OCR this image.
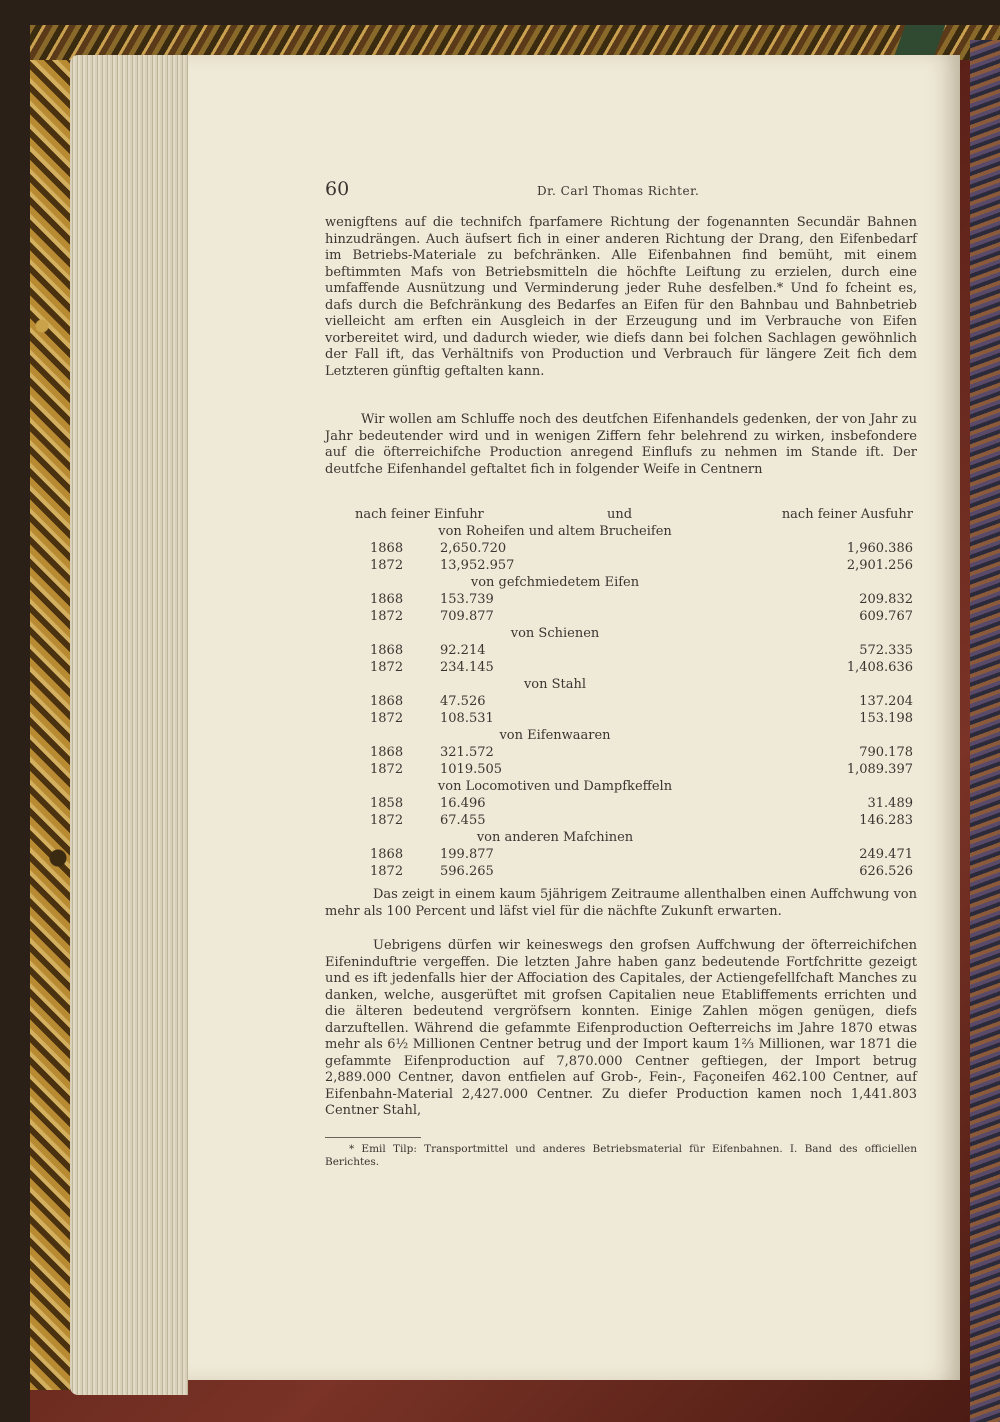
60	Dr. Carl Thomas Richter.

wenigftens auf die technifch fparfamere Richtung der fogenannten Secundär Bahnen hinzudrängen. Auch äufsert fich in einer anderen Richtung der Drang, den Eifenbedarf im Betriebs-Materiale zu befchränken. Alle Eifenbahnen find bemüht, mit einem beftimmten Mafs von Betriebsmitteln die höchfte Leiftung zu erzielen, durch eine umfaffende Ausnützung und Verminderung jeder Ruhe desfelben.* Und fo fcheint es, dafs durch die Befchränkung des Bedarfes an Eifen für den Bahnbau und Bahnbetrieb vielleicht am erften ein Ausgleich in der Erzeugung und im Verbrauche von Eifen vorbereitet wird, und dadurch wieder, wie diefs dann bei folchen Sachlagen gewöhnlich der Fall ift, das Verhältnifs von Production und Verbrauch für längere Zeit fich dem Letzteren günftig geftalten kann.

Wir wollen am Schluffe noch des deutfchen Eifenhandels gedenken, der von Jahr zu Jahr bedeutender wird und in wenigen Ziffern fehr belehrend zu wirken, insbefondere auf die öfterreichifche Production anregend Einflufs zu nehmen im Stande ift. Der deutfche Eifenhandel geftaltet fich in folgender Weife in Centnern

nach feiner Einfuhr	und	nach feiner Ausfuhr
von Roheifen und altem Brucheifen
1868	2,650.720	1,960.386
1872	13,952.957	2,901.256
von gefchmiedetem Eifen
1868	153.739	209.832
1872	709.877	609.767
von Schienen
1868	92.214	572.335
1872	234.145	1,408.636
von Stahl
1868	47.526	137.204
1872	108.531	153.198
von Eifenwaaren
1868	321.572	790.178
1872	1019.505	1,089.397
von Locomotiven und Dampfkeffeln
1858	16.496	31.489
1872	67.455	146.283
von anderen Mafchinen
1868	199.877	249.471
1872	596.265	626.526

Das zeigt in einem kaum 5jährigem Zeitraume allenthalben einen Auffchwung von mehr als 100 Percent und läfst viel für die nächfte Zukunft erwarten.

Uebrigens dürfen wir keineswegs den grofsen Auffchwung der öfterreichifchen Eifeninduftrie vergeffen. Die letzten Jahre haben ganz bedeutende Fortfchritte gezeigt und es ift jedenfalls hier der Affociation des Capitales, der Actiengefellfchaft Manches zu danken, welche, ausgerüftet mit grofsen Capitalien neue Etabliffements errichten und die älteren bedeutend vergröfsern konnten. Einige Zahlen mögen genügen, diefs darzuftellen. Während die gefammte Eifenproduction Oefterreichs im Jahre 1870 etwas mehr als 6½ Millionen Centner betrug und der Import kaum 1⅔ Millionen, war 1871 die gefammte Eifenproduction auf 7,870.000 Centner geftiegen, der Import betrug 2,889.000 Centner, davon entfielen auf Grob-, Fein-, Façoneifen 462.100 Centner, auf Eifenbahn-Material 2,427.000 Centner. Zu diefer Production kamen noch 1,441.803 Centner Stahl,

* Emil Tilp: Transportmittel und anderes Betriebsmaterial für Eifenbahnen. I. Band des officiellen Berichtes.
